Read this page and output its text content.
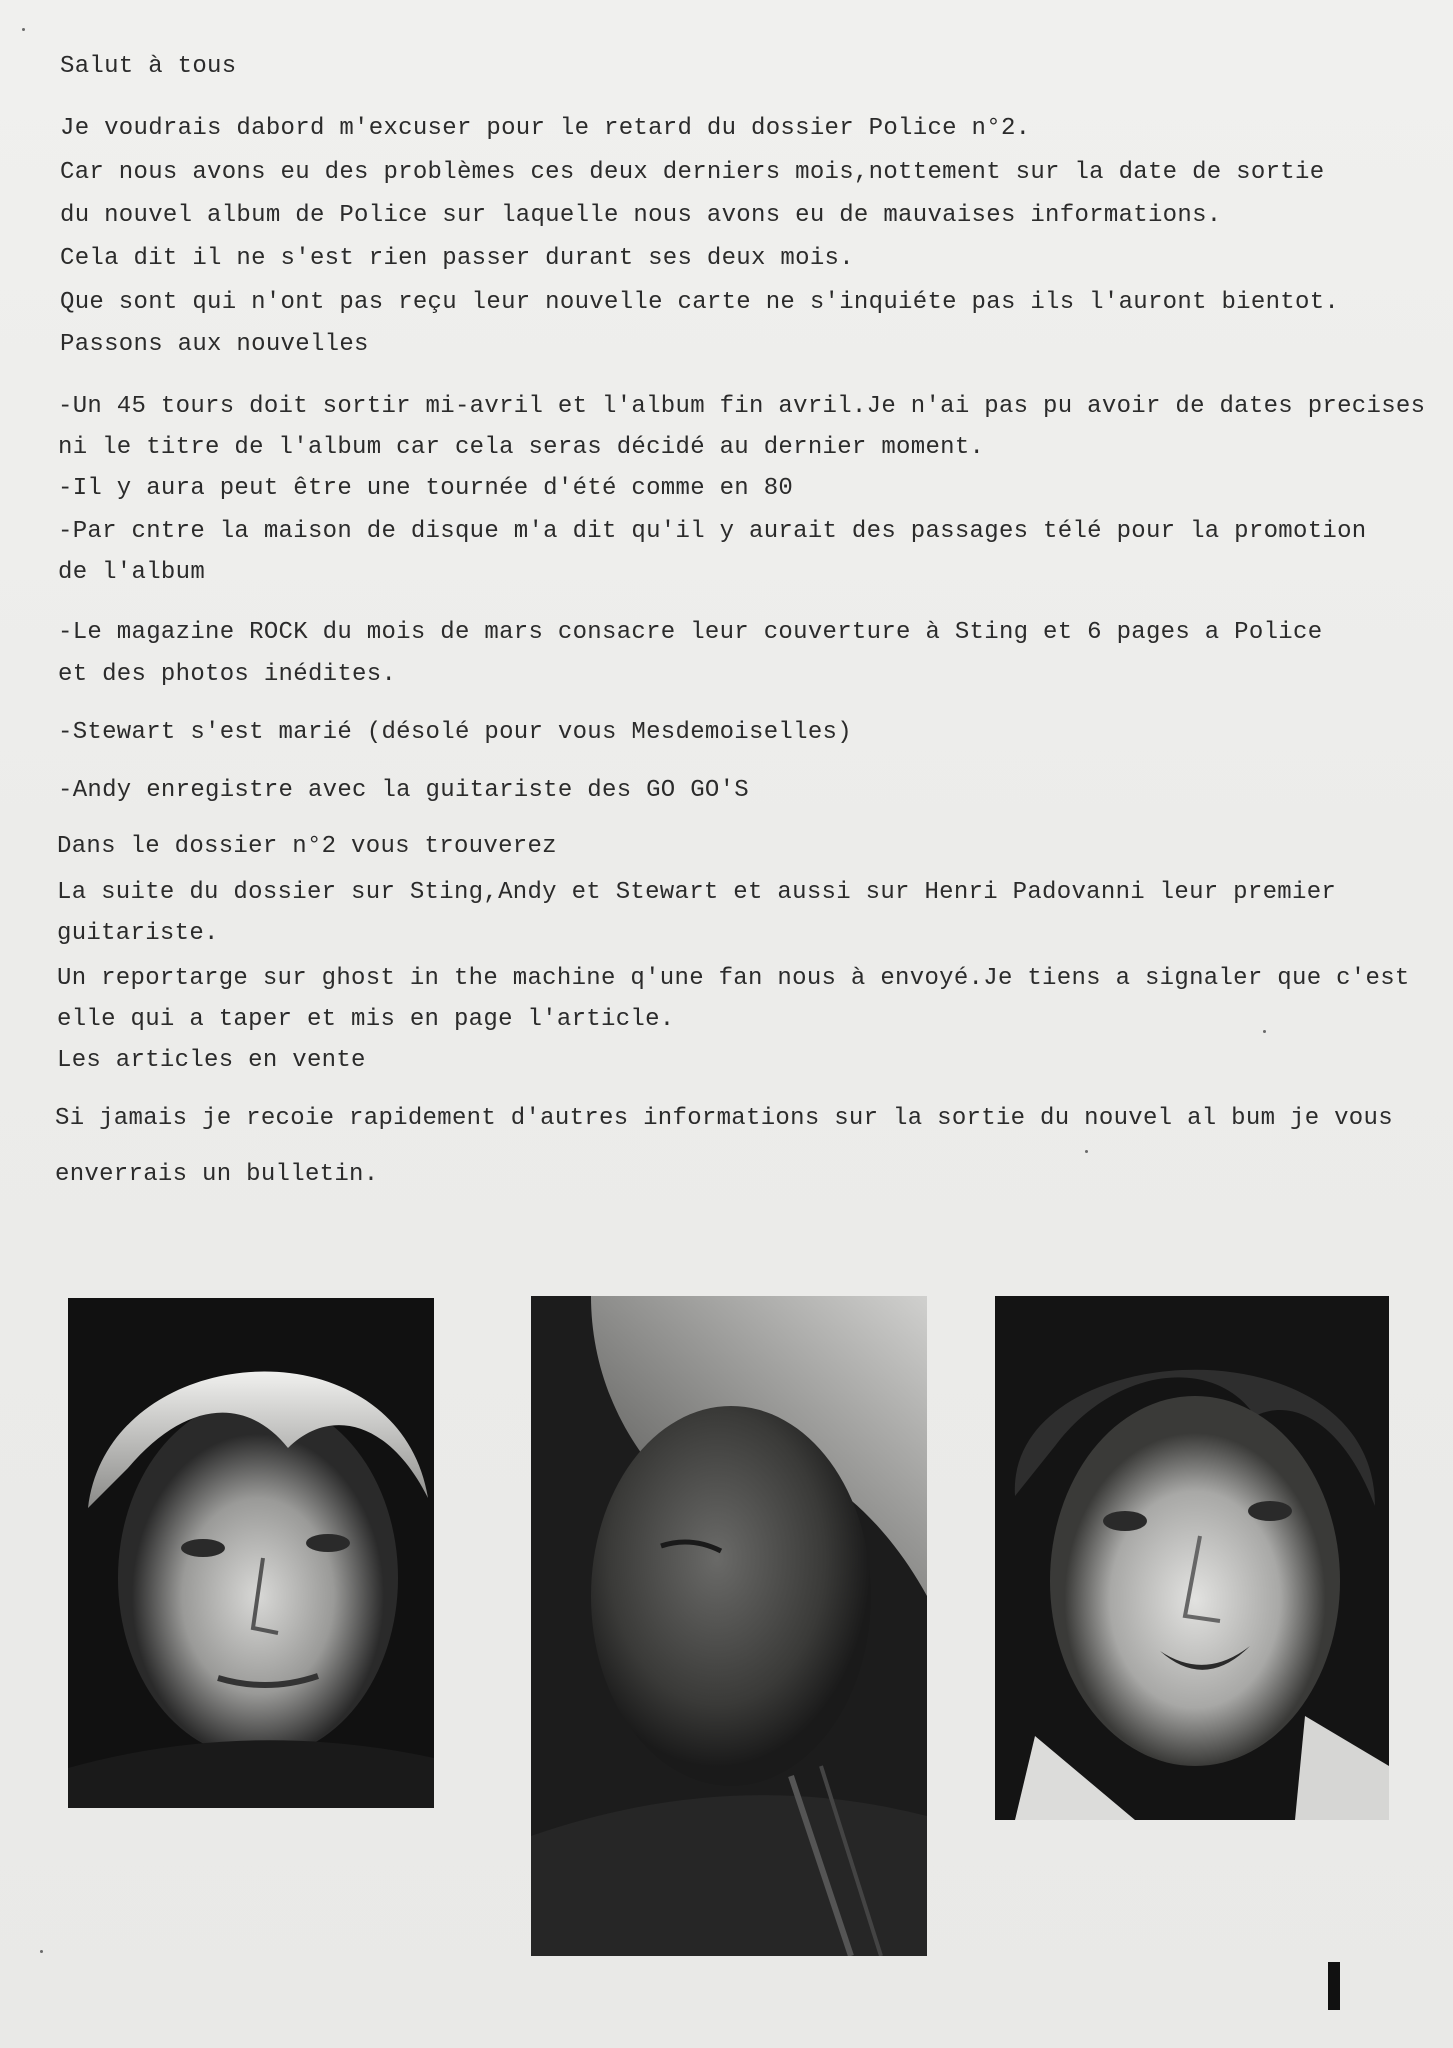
Salut à tous

Je voudrais dabord m'excuser pour le retard du dossier Police n°2.

Car nous avons eu des problèmes ces deux derniers mois,nottement sur la date de sortie

du nouvel album de Police sur laquelle nous avons eu de mauvaises informations.

Cela dit il ne s'est rien passer durant ses deux mois.

Que sont qui n'ont pas reçu leur nouvelle carte ne s'inquiéte pas ils l'auront bientot.

Passons aux nouvelles

-Un 45 tours doit sortir mi-avril et l'album fin avril.Je n'ai pas pu avoir de dates precises

ni le titre de l'album car cela seras décidé au dernier moment.

-Il y aura peut être une tournée d'été comme en 80

-Par cntre la maison de disque m'a dit qu'il y aurait des passages télé pour la promotion

de l'album

-Le magazine ROCK du mois de mars consacre leur couverture à Sting et 6 pages a Police

et des photos inédites.

-Stewart s'est marié (désolé pour vous Mesdemoiselles)

-Andy enregistre avec la guitariste des GO GO'S

Dans le dossier n°2 vous trouverez

La suite du dossier sur Sting,Andy et Stewart et aussi sur Henri Padovanni leur premier

guitariste.

Un reportarge sur ghost in the machine q'une fan nous à envoyé.Je tiens a signaler que c'est

elle qui a taper et mis en page l'article.

Les articles en vente

Si jamais je recoie rapidement d'autres informations sur la sortie du nouvel al bum je vous

enverrais un bulletin.
